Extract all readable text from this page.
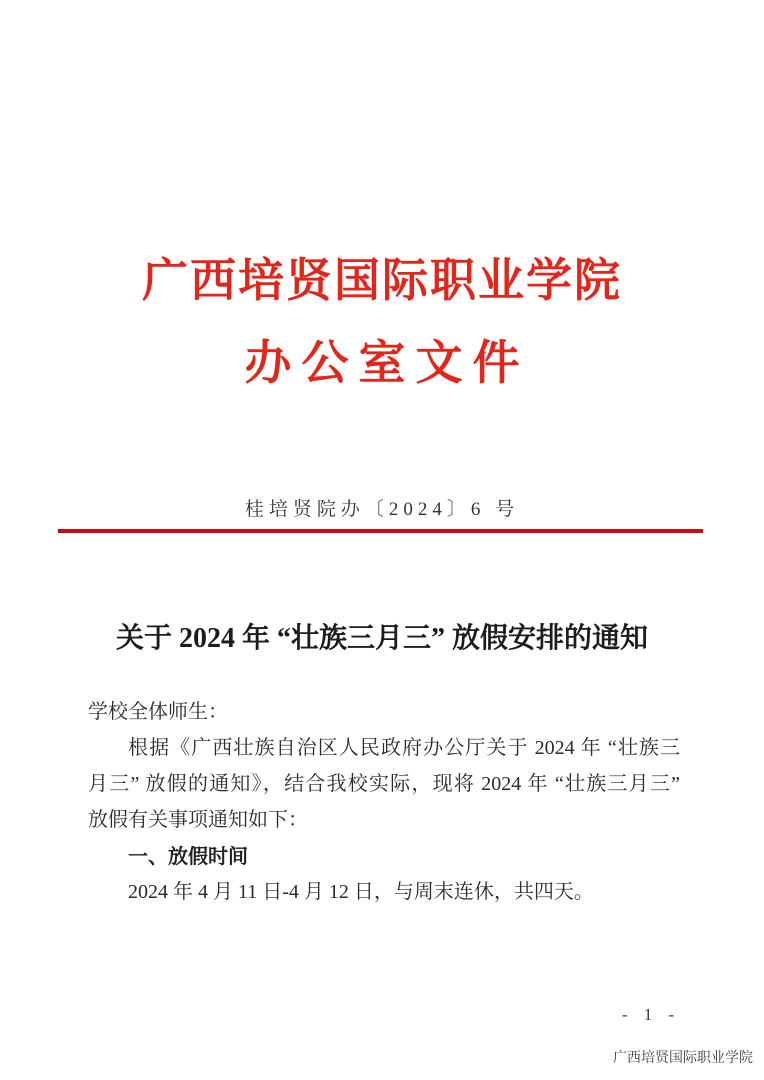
广西培贤国际职业学院
办公室文件
桂培贤院办〔2024〕6 号
关于 2024 年 “壮族三月三” 放假安排的通知
学校全体师生：
根据《广西壮族自治区人民政府办公厅关于 2024 年 “壮族三
月三” 放假的通知》，结合我校实际，现将 2024 年 “壮族三月三”
放假有关事项通知如下：
一、放假时间
2024 年 4 月 11 日-4 月 12 日，与周末连休，共四天。
- 1 -
广西培贤国际职业学院
